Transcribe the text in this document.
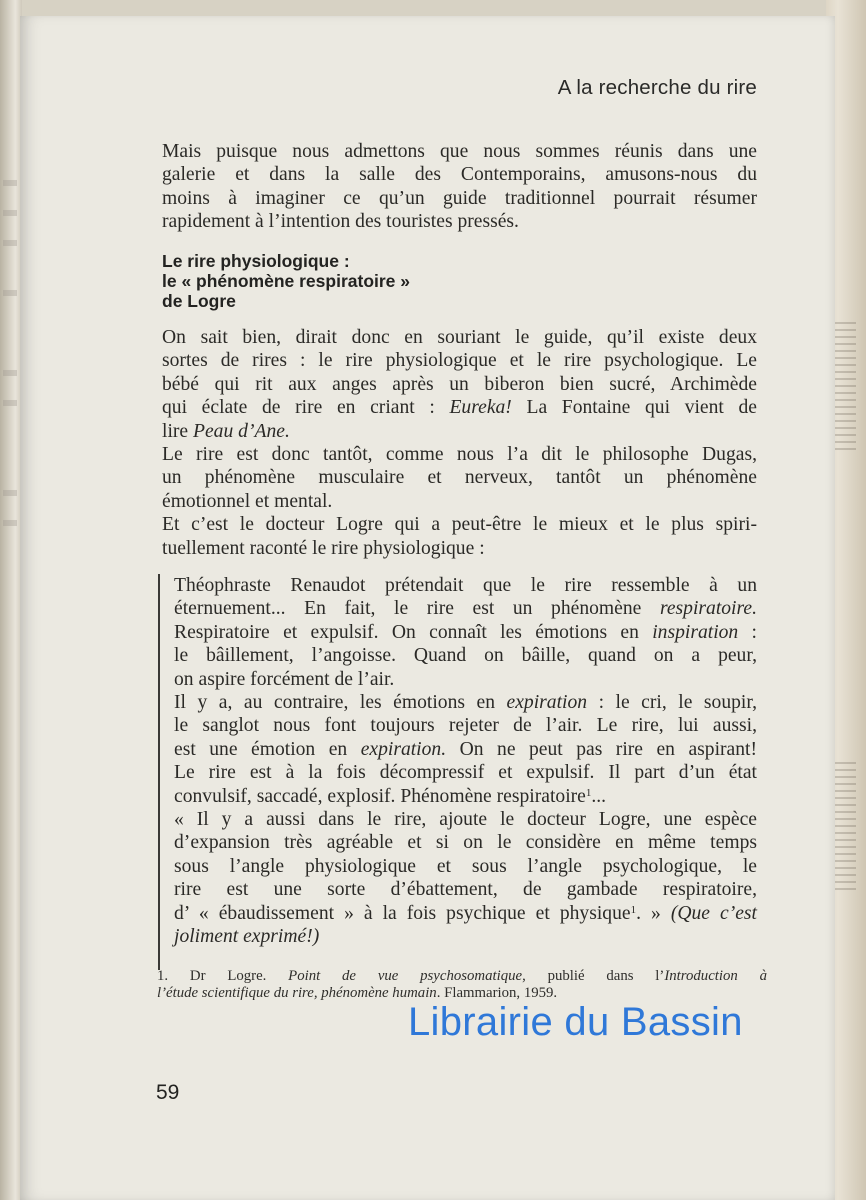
A la recherche du rire
Mais puisque nous admettons que nous sommes réunis dans une
galerie et dans la salle des Contemporains, amusons-nous du
moins à imaginer ce qu’un guide traditionnel pourrait résumer
rapidement à l’intention des touristes pressés.
Le rire physiologique :
le « phénomène respiratoire »
de Logre
On sait bien, dirait donc en souriant le guide, qu’il existe deux
sortes de rires : le rire physiologique et le rire psychologique. Le
bébé qui rit aux anges après un biberon bien sucré, Archimède
qui éclate de rire en criant : Eureka! La Fontaine qui vient de
lire Peau d’Ane.
Le rire est donc tantôt, comme nous l’a dit le philosophe Dugas,
un phénomène musculaire et nerveux, tantôt un phénomène
émotionnel et mental.
Et c’est le docteur Logre qui a peut-être le mieux et le plus spiri-
tuellement raconté le rire physiologique :
Théophraste Renaudot prétendait que le rire ressemble à un
éternuement... En fait, le rire est un phénomène respiratoire.
Respiratoire et expulsif. On connaît les émotions en inspiration :
le bâillement, l’angoisse. Quand on bâille, quand on a peur,
on aspire forcément de l’air.
Il y a, au contraire, les émotions en expiration : le cri, le soupir,
le sanglot nous font toujours rejeter de l’air. Le rire, lui aussi,
est une émotion en expiration. On ne peut pas rire en aspirant!
Le rire est à la fois décompressif et expulsif. Il part d’un état
convulsif, saccadé, explosif. Phénomène respiratoire$^1$...
« Il y a aussi dans le rire, ajoute le docteur Logre, une espèce
d’expansion très agréable et si on le considère en même temps
sous l’angle physiologique et sous l’angle psychologique, le
rire est une sorte d’ébattement, de gambade respiratoire,
d’ « ébaudissement » à la fois psychique et physique$^1$. » (Que c’est
joliment exprimé!)
1. Dr Logre. Point de vue psychosomatique, publié dans l’Introduction à
l’étude scientifique du rire, phénomène humain. Flammarion, 1959.
59
Librairie du Bassin
